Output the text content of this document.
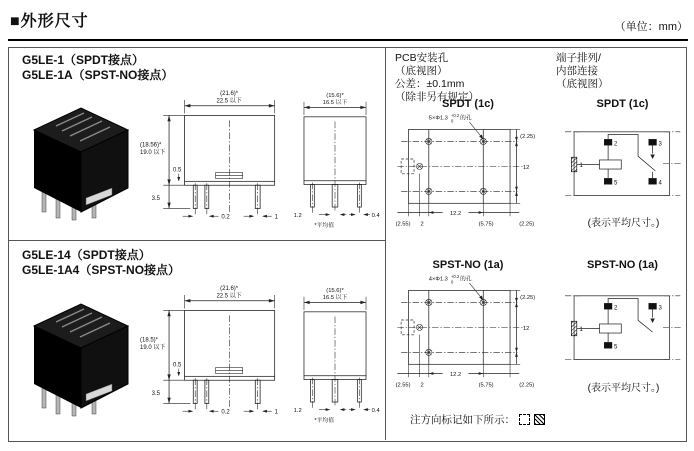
■外形尺寸	（单位：mm）
G5LE-1（SPDT接点）
G5LE-1A（SPST-NO接点）
(21.6)*
22.5 以下
(18.56)*
19.0 以下
0.5
3.5
0.2	1
(15.6)*
16.5 以下
1.2	0.4
*平均值
G5LE-14（SPDT接点）
G5LE-1A4（SPST-NO接点）
(21.6)*
22.5 以下
(18.5)*
19.0 以下
0.5
3.5
0.2	1
(15.6)*
16.5 以下
1.2	0.4
*平均值
PCB安装孔
（底视图）
公差：±0.1mm
（除非另有规定）
端子排列/
内部连接
（底视图）
SPDT (1c)
5×Φ1.3 +0.2 0 的孔
(2.25)
12
12.2
(2.55) 2	(5.75)	(2.25)
SPDT (1c)
1
2
5
3
4
(表示平均尺寸。)
SPST-NO (1a)
4×Φ1.3 +0.2 0 的孔
(2.25)
12
12.2
(2.55) 2	(5.75)	(2.25)
SPST-NO (1a)
1
2
5
3
(表示平均尺寸。)
注方向标记如下所示：
